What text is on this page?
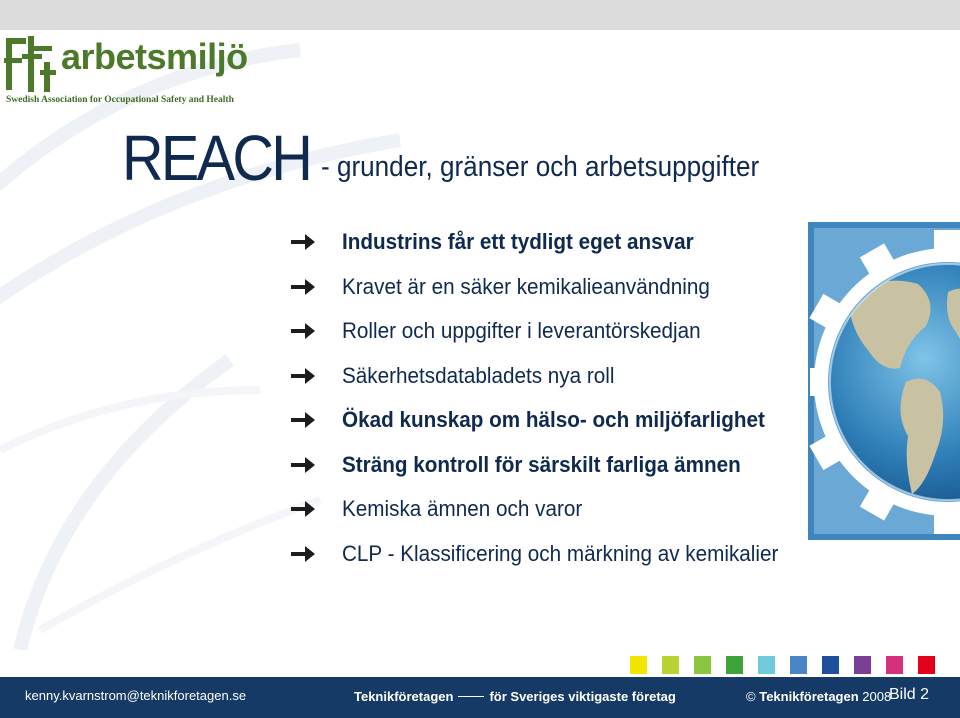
arbetsmiljö
Swedish Association for Occupational Safety and Health
REACH - grunder, gränser och arbetsuppgifter
Industrins får ett tydligt eget ansvar
Kravet är en säker kemikalieanvändning
Roller och uppgifter i leverantörskedjan
Säkerhetsdatabladets nya roll
Ökad kunskap om hälso- och miljöfarlighet
Sträng kontroll för särskilt farliga ämnen
Kemiska ämnen och varor
CLP - Klassificering och märkning av kemikalier
kenny.kvarnstrom@teknikforetagen.se	Teknikföretagen	för Sveriges viktigaste företag	© Teknikföretagen 2008
Bild 2
